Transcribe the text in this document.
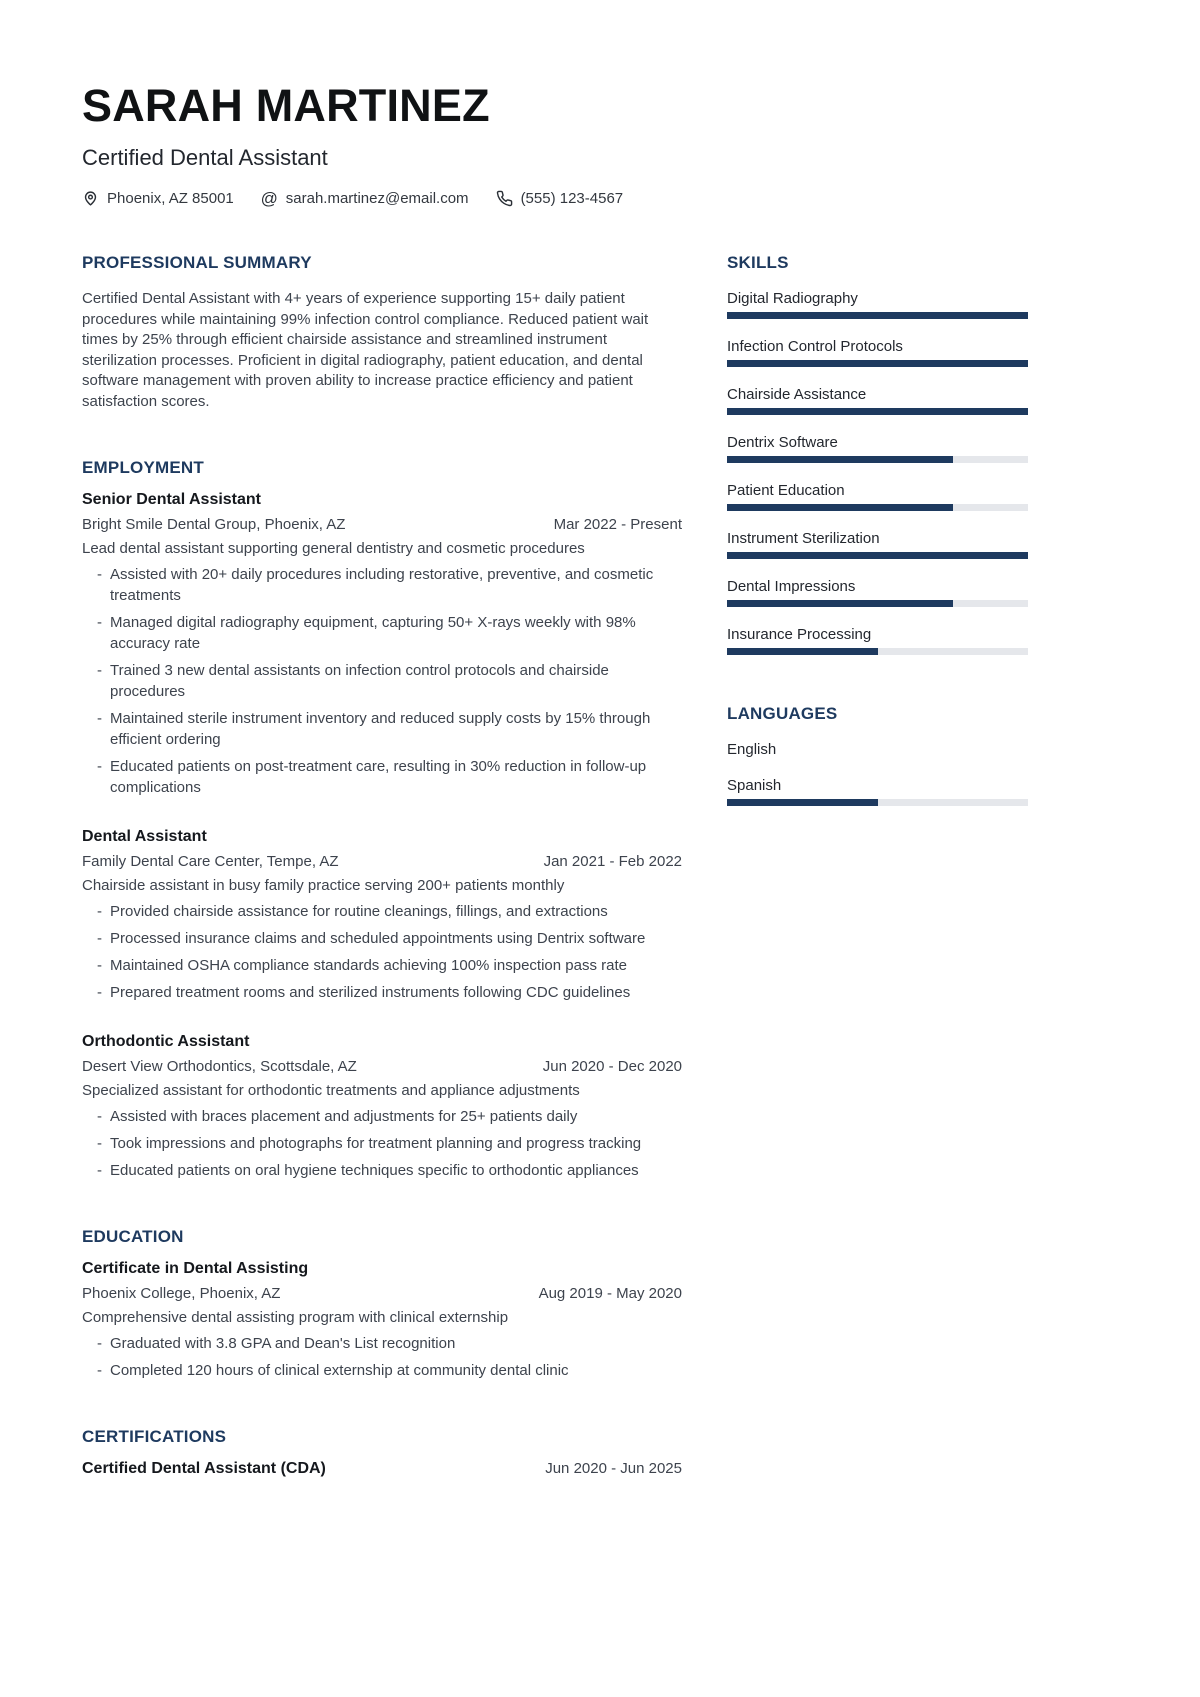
SARAH MARTINEZ
Certified Dental Assistant
Phoenix, AZ 85001 @ sarah.martinez@email.com	(555) 123-4567
PROFESSIONAL SUMMARY
Certified Dental Assistant with 4+ years of experience supporting 15+ daily patient procedures while maintaining 99% infection control compliance. Reduced patient wait times by 25% through efficient chairside assistance and streamlined instrument sterilization processes. Proficient in digital radiography, patient education, and dental software management with proven ability to increase practice efficiency and patient satisfaction scores.
EMPLOYMENT
Senior Dental Assistant
Bright Smile Dental Group, Phoenix, AZ	Mar 2022 - Present
Lead dental assistant supporting general dentistry and cosmetic procedures
- Assisted with 20+ daily procedures including restorative, preventive, and cosmetic treatments
- Managed digital radiography equipment, capturing 50+ X-rays weekly with 98% accuracy rate
- Trained 3 new dental assistants on infection control protocols and chairside procedures
- Maintained sterile instrument inventory and reduced supply costs by 15% through efficient ordering
- Educated patients on post-treatment care, resulting in 30% reduction in follow-up complications
Dental Assistant
Family Dental Care Center, Tempe, AZ	Jan 2021 - Feb 2022
Chairside assistant in busy family practice serving 200+ patients monthly
- Provided chairside assistance for routine cleanings, fillings, and extractions
- Processed insurance claims and scheduled appointments using Dentrix software
- Maintained OSHA compliance standards achieving 100% inspection pass rate
- Prepared treatment rooms and sterilized instruments following CDC guidelines
Orthodontic Assistant
Desert View Orthodontics, Scottsdale, AZ	Jun 2020 - Dec 2020
Specialized assistant for orthodontic treatments and appliance adjustments
- Assisted with braces placement and adjustments for 25+ patients daily
- Took impressions and photographs for treatment planning and progress tracking
- Educated patients on oral hygiene techniques specific to orthodontic appliances
EDUCATION
Certificate in Dental Assisting
Phoenix College, Phoenix, AZ	Aug 2019 - May 2020
Comprehensive dental assisting program with clinical externship
- Graduated with 3.8 GPA and Dean's List recognition
- Completed 120 hours of clinical externship at community dental clinic
CERTIFICATIONS
Certified Dental Assistant (CDA)	Jun 2020 - Jun 2025
SKILLS
Digital Radiography
Infection Control Protocols
Chairside Assistance
Dentrix Software
Patient Education
Instrument Sterilization
Dental Impressions
Insurance Processing
LANGUAGES
English
Spanish
